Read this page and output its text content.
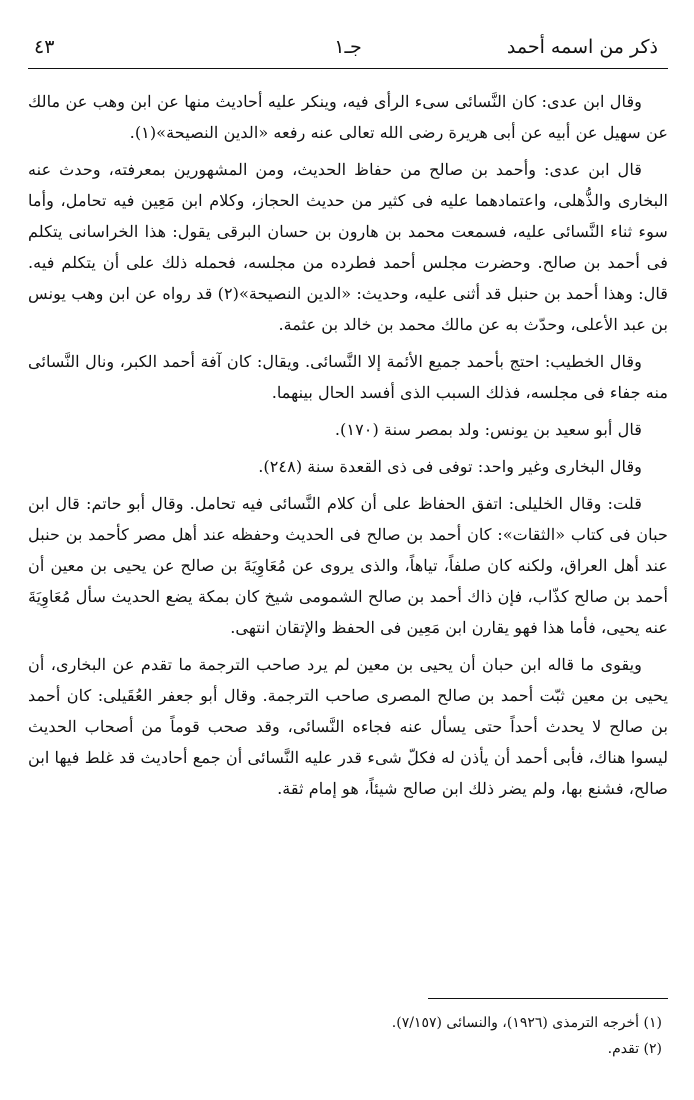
ذكر من اسمه أحمد
جـ١
٤٣

وقال ابن عدى: كان النَّسائى سىء الرأى فيه، وينكر عليه أحاديث منها عن ابن وهب عن مالك عن سهيل عن أبيه عن أبى هريرة رضى الله تعالى عنه رفعه «الدين النصيحة»(١).

قال ابن عدى: وأحمد بن صالح من حفاظ الحديث، ومن المشهورين بمعرفته، وحدث عنه البخارى والذُّهلى، واعتمادهما عليه فى كثير من حديث الحجاز، وكلام ابن مَعِين فيه تحامل، وأما سوء ثناء النَّسائى عليه، فسمعت محمد بن هارون بن حسان البرقى يقول: هذا الخراسانى يتكلم فى أحمد بن صالح. وحضرت مجلس أحمد فطرده من مجلسه، فحمله ذلك على أن يتكلم فيه. قال: وهذا أحمد بن حنبل قد أثنى عليه، وحديث: «الدين النصيحة»(٢) قد رواه عن ابن وهب يونس بن عبد الأعلى، وحدّث به عن مالك محمد بن خالد بن عثمة.

وقال الخطيب: احتج بأحمد جميع الأئمة إلا النَّسائى. ويقال: كان آفة أحمد الكبر، ونال النَّسائى منه جفاء فى مجلسه، فذلك السبب الذى أفسد الحال بينهما.

قال أبو سعيد بن يونس: ولد بمصر سنة (١٧٠).

وقال البخارى وغير واحد: توفى فى ذى القعدة سنة (٢٤٨).

قلت: وقال الخليلى: اتفق الحفاظ على أن كلام النَّسائى فيه تحامل. وقال أبو حاتم: قال ابن حبان فى كتاب «الثقات»: كان أحمد بن صالح فى الحديث وحفظه عند أهل مصر كأحمد بن حنبل عند أهل العراق، ولكنه كان صلفاً، تياهاً، والذى يروى عن مُعَاوِيَةَ بن صالح عن يحيى بن معين أن أحمد بن صالح كذّاب، فإن ذاك أحمد بن صالح الشمومى شيخ كان بمكة يضع الحديث سأل مُعَاوِيَةَ عنه يحيى، فأما هذا فهو يقارن ابن مَعِين فى الحفظ والإتقان انتهى.

ويقوى ما قاله ابن حبان أن يحيى بن معين لم يرد صاحب الترجمة ما تقدم عن البخارى، أن يحيى بن معين ثبّت أحمد بن صالح المصرى صاحب الترجمة. وقال أبو جعفر العُقَيلى: كان أحمد بن صالح لا يحدث أحداً حتى يسأل عنه فجاءه النَّسائى، وقد صحب قوماً من أصحاب الحديث ليسوا هناك، فأبى أحمد أن يأذن له فكلّ شىء قدر عليه النَّسائى أن جمع أحاديث قد غلط فيها ابن صالح، فشنع بها، ولم يضر ذلك ابن صالح شيئاً، هو إمام ثقة.

(١) أخرجه الترمذى (١٩٢٦)، والنسائى (٧/١٥٧).

(٢) تقدم.
